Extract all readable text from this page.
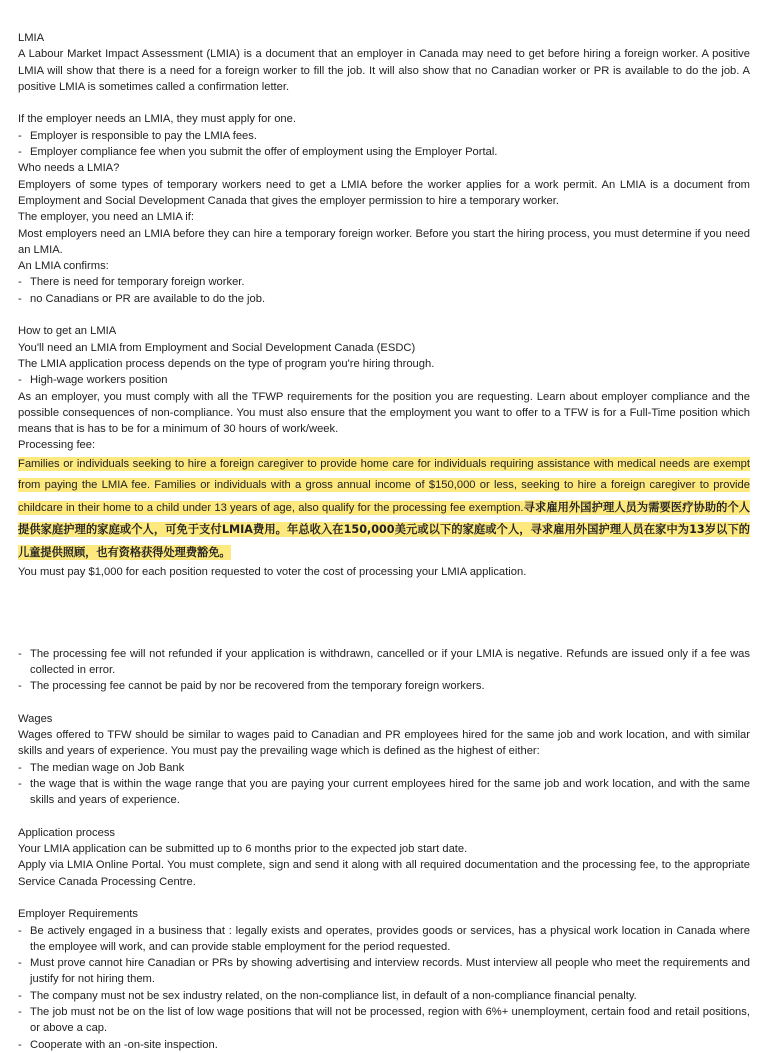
LMIA

A Labour Market Impact Assessment (LMIA) is a document that an employer in Canada may need to get before hiring a foreign worker. A positive LMIA will show that there is a need for a foreign worker to fill the job. It will also show that no Canadian worker or PR is available to do the job. A positive LMIA is sometimes called a confirmation letter.

If the employer needs an LMIA, they must apply for one.

- Employer is responsible to pay the LMIA fees.
- Employer compliance fee when you submit the offer of employment using the Employer Portal.

Who needs a LMIA?

Employers of some types of temporary workers need to get a LMIA before the worker applies for a work permit. An LMIA is a document from Employment and Social Development Canada that gives the employer permission to hire a temporary worker.

The employer, you need an LMIA if:

Most employers need an LMIA before they can hire a temporary foreign worker. Before you start the hiring process, you must determine if you need an LMIA.

An LMIA confirms:

- There is need for temporary foreign worker.
- no Canadians or PR are available to do the job.

How to get an LMIA

You'll need an LMIA from Employment and Social Development Canada (ESDC)

The LMIA application process depends on the type of program you're hiring through.

- High-wage workers position

As an employer, you must comply with all the TFWP requirements for the position you are requesting. Learn about employer compliance and the possible consequences of non-compliance. You must also ensure that the employment you want to offer to a TFW is for a Full-Time position which means that is has to be for a minimum of 30 hours of work/week.

Processing fee:

Families or individuals seeking to hire a foreign caregiver to provide home care for individuals requiring assistance with medical needs are exempt from paying the LMIA fee. Families or individuals with a gross annual income of $150,000 or less, seeking to hire a foreign caregiver to provide childcare in their home to a child under 13 years of age, also qualify for the processing fee exemption.寻求雇用外国护理人员为需要医疗协助的个人提供家庭护理的家庭或个人，可免于支付LMIA费用。年总收入在150,000美元或以下的家庭或个人，寻求雇用外国护理人员在家中为13岁以下的儿童提供照顾，也有资格获得处理费豁免。

You must pay $1,000 for each position requested to voter the cost of processing your LMIA application.

- The processing fee will not refunded if your application is withdrawn, cancelled or if your LMIA is negative. Refunds are issued only if a fee was collected in error.
- The processing fee cannot be paid by nor be recovered from the temporary foreign workers.

Wages

Wages offered to TFW should be similar to wages paid to Canadian and PR employees hired for the same job and work location, and with similar skills and years of experience. You must pay the prevailing wage which is defined as the highest of either:

- The median wage on Job Bank
- the wage that is within the wage range that you are paying your current employees hired for the same job and work location, and with the same skills and years of experience.

Application process

Your LMIA application can be submitted up to 6 months prior to the expected job start date.

Apply via LMIA Online Portal. You must complete, sign and send it along with all required documentation and the processing fee, to the appropriate Service Canada Processing Centre.

Employer Requirements

- Be actively engaged in a business that : legally exists and operates, provides goods or services, has a physical work location in Canada where the employee will work, and can provide stable employment for the period requested.
- Must prove cannot hire Canadian or PRs by showing advertising and interview records. Must interview all people who meet the requirements and justify for not hiring them.
- The company must not be sex industry related, on the non-compliance list, in default of a non-compliance financial penalty.
- The job must not be on the list of low wage positions that will not be processed, region with 6%+ unemployment, certain food and retail positions, or above a cap.
- Cooperate with an -on-site inspection.
